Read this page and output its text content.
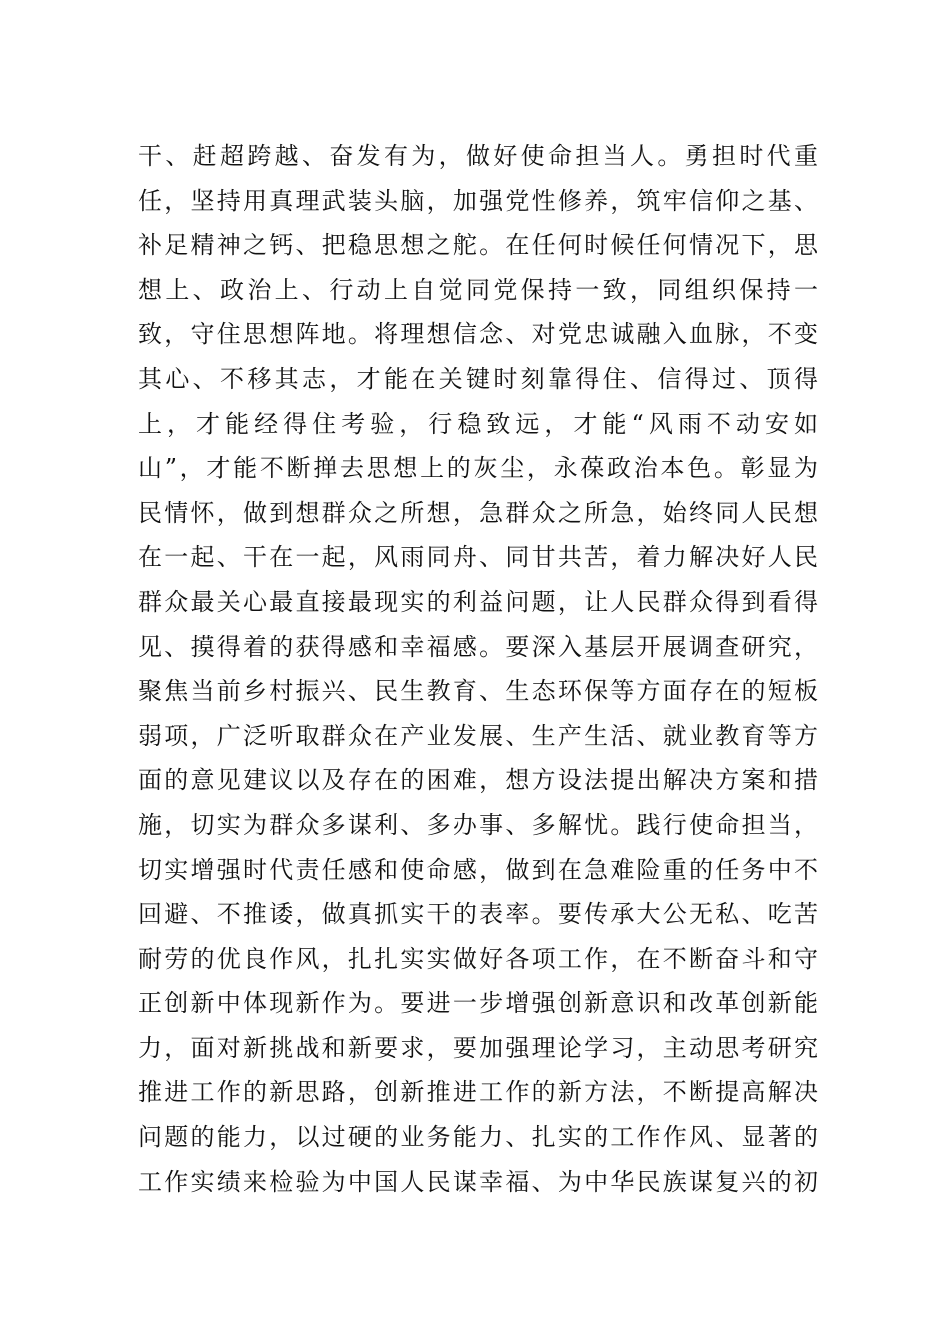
干、赶超跨越、奋发有为，做好使命担当人。勇担时代重
任，坚持用真理武装头脑，加强党性修养，筑牢信仰之基、
补足精神之钙、把稳思想之舵。在任何时候任何情况下，思
想上、政治上、行动上自觉同党保持一致，同组织保持一
致，守住思想阵地。将理想信念、对党忠诚融入血脉，不变
其心、不移其志，才能在关键时刻靠得住、信得过、顶得
上，才能经得住考验，行稳致远，才能“风雨不动安如
山”，才能不断掸去思想上的灰尘，永葆政治本色。彰显为
民情怀，做到想群众之所想，急群众之所急，始终同人民想
在一起、干在一起，风雨同舟、同甘共苦，着力解决好人民
群众最关心最直接最现实的利益问题，让人民群众得到看得
见、摸得着的获得感和幸福感。要深入基层开展调查研究，
聚焦当前乡村振兴、民生教育、生态环保等方面存在的短板
弱项，广泛听取群众在产业发展、生产生活、就业教育等方
面的意见建议以及存在的困难，想方设法提出解决方案和措
施，切实为群众多谋利、多办事、多解忧。践行使命担当，
切实增强时代责任感和使命感，做到在急难险重的任务中不
回避、不推诿，做真抓实干的表率。要传承大公无私、吃苦
耐劳的优良作风，扎扎实实做好各项工作，在不断奋斗和守
正创新中体现新作为。要进一步增强创新意识和改革创新能
力，面对新挑战和新要求，要加强理论学习，主动思考研究
推进工作的新思路，创新推进工作的新方法，不断提高解决
问题的能力，以过硬的业务能力、扎实的工作作风、显著的
工作实绩来检验为中国人民谋幸福、为中华民族谋复兴的初
